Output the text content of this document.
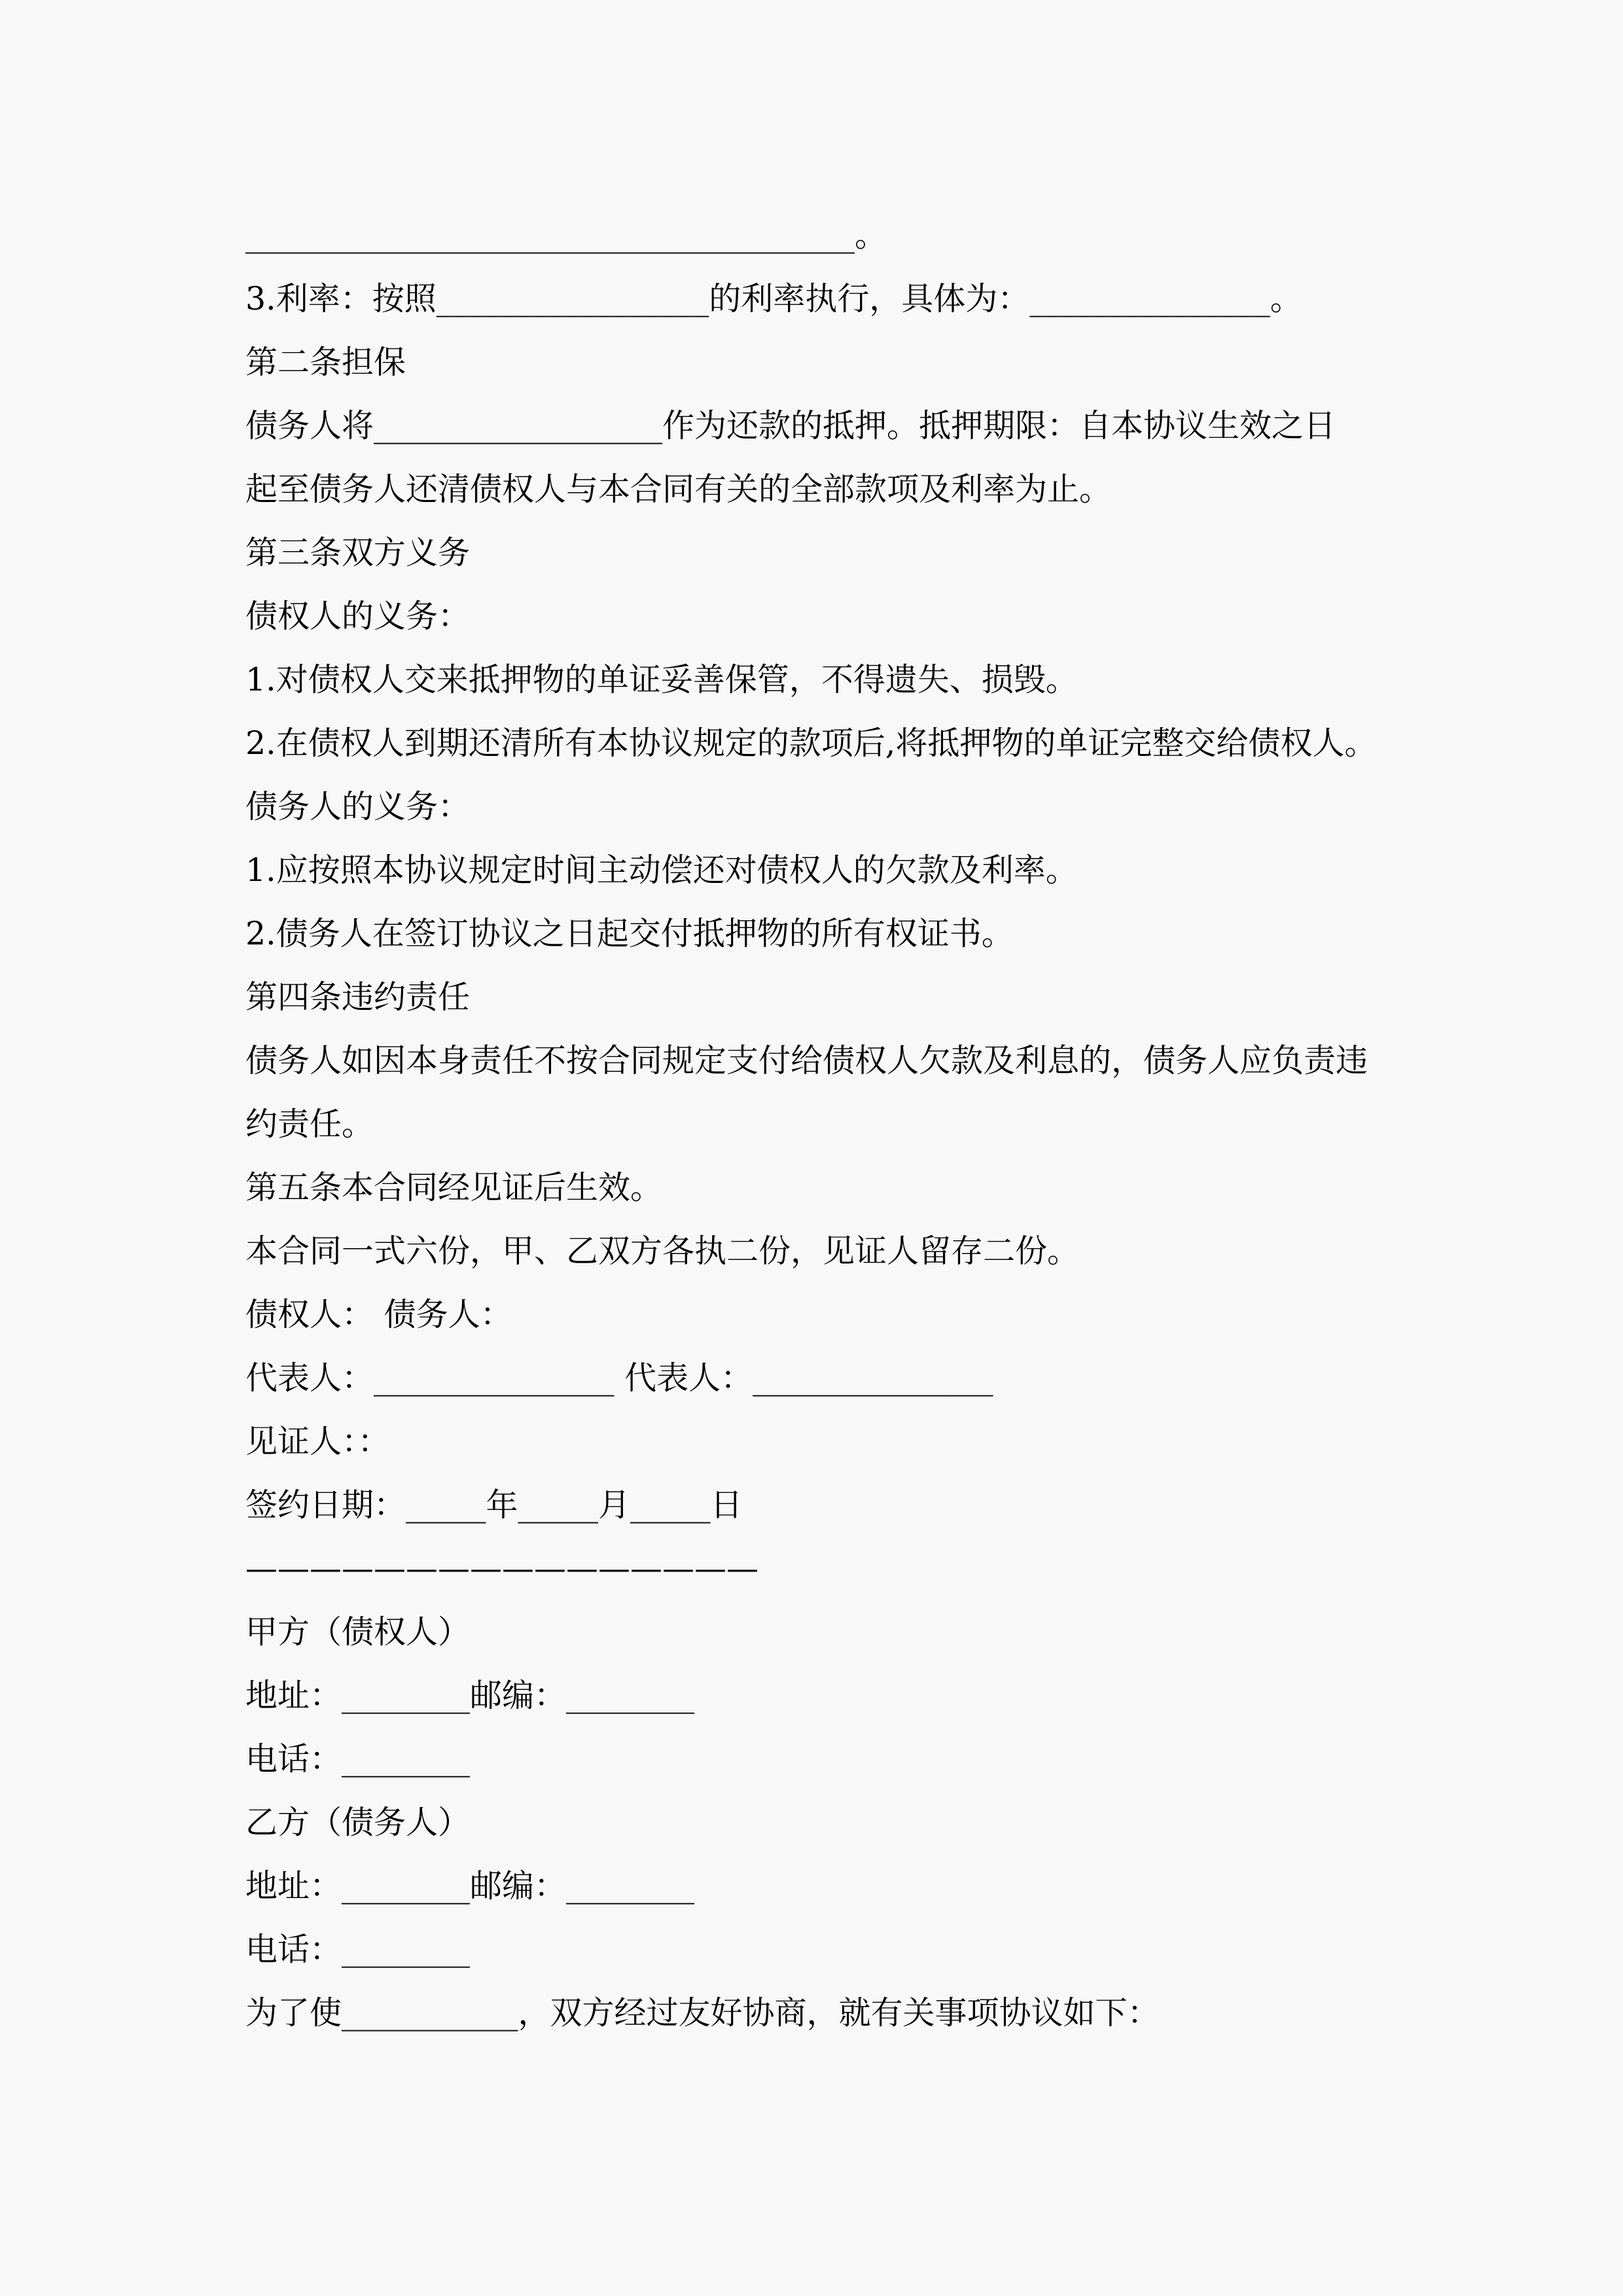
______________________________________。

3.利率：按照_________________的利率执行，具体为：_______________。

第二条担保

债务人将__________________作为还款的抵押。抵押期限：自本协议生效之日

起至债务人还清债权人与本合同有关的全部款项及利率为止。

第三条双方义务

债权人的义务：

1.对债权人交来抵押物的单证妥善保管，不得遗失、损毁。

2.在债权人到期还清所有本协议规定的款项后,将抵押物的单证完整交给债权人。

债务人的义务：

1.应按照本协议规定时间主动偿还对债权人的欠款及利率。

2.债务人在签订协议之日起交付抵押物的所有权证书。

第四条违约责任

债务人如因本身责任不按合同规定支付给债权人欠款及利息的，债务人应负责违

约责任。

第五条本合同经见证后生效。

本合同一式六份，甲、乙双方各执二份，见证人留存二份。

债权人： 债务人：

代表人：_______________ 代表人：_______________

见证人：：

签约日期：_____年_____月_____日

————————————————

甲方（债权人）

地址：________邮编：________

电话：________

乙方（债务人）

地址：________邮编：________

电话：________

为了使___________，双方经过友好协商，就有关事项协议如下：
